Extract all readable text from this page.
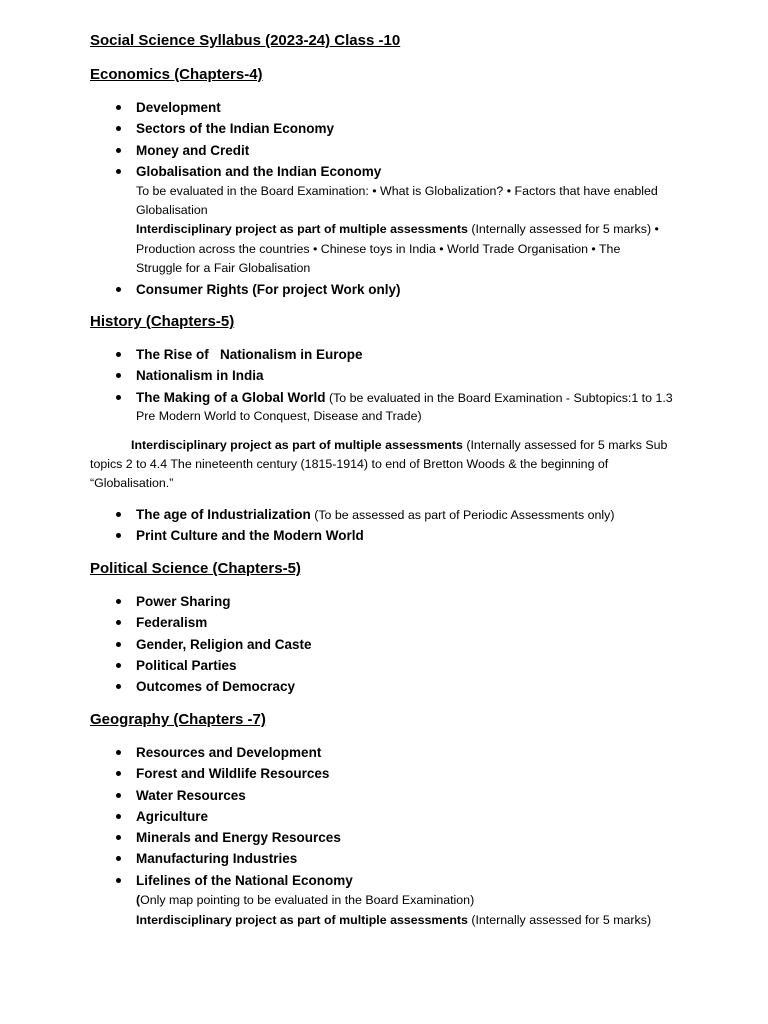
Social Science Syllabus (2023-24) Class -10
Economics (Chapters-4)
Development
Sectors of the Indian Economy
Money and Credit
Globalisation and the Indian Economy
To be evaluated in the Board Examination: • What is Globalization? • Factors that have enabled
Globalisation
Interdisciplinary project as part of multiple assessments (Internally assessed for 5 marks) •
Production across the countries • Chinese toys in India • World Trade Organisation • The
Struggle for a Fair Globalisation
Consumer Rights (For project Work only)
History (Chapters-5)
The Rise of   Nationalism in Europe
Nationalism in India
The Making of a Global World (To be evaluated in the Board Examination - Subtopics:1 to 1.3
Pre Modern World to Conquest, Disease and Trade)
Interdisciplinary project as part of multiple assessments (Internally assessed for 5 marks Sub
topics 2 to 4.4 The nineteenth century (1815-1914) to end of Bretton Woods & the beginning of
“Globalisation.”
The age of Industrialization (To be assessed as part of Periodic Assessments only)
Print Culture and the Modern World
Political Science (Chapters-5)
Power Sharing
Federalism
Gender, Religion and Caste
Political Parties
Outcomes of Democracy
Geography (Chapters -7)
Resources and Development
Forest and Wildlife Resources
Water Resources
Agriculture
Minerals and Energy Resources
Manufacturing Industries
Lifelines of the National Economy
(Only map pointing to be evaluated in the Board Examination)
Interdisciplinary project as part of multiple assessments (Internally assessed for 5 marks)
